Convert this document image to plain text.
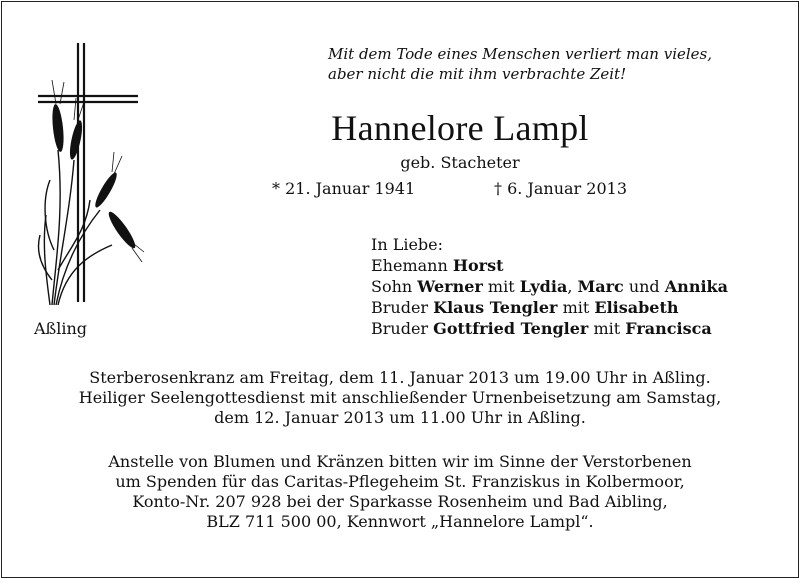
Mit dem Tode eines Menschen verliert man vieles,
aber nicht die mit ihm verbrachte Zeit!
Hannelore Lampl
geb. Stacheter
* 21. Januar 1941	† 6. Januar 2013
In Liebe:
Ehemann Horst
Sohn Werner mit Lydia, Marc und Annika
Bruder Klaus Tengler mit Elisabeth
Bruder Gottfried Tengler mit Francisca
Aßling
Sterberosenkranz am Freitag, dem 11. Januar 2013 um 19.00 Uhr in Aßling.
Heiliger Seelengottesdienst mit anschließender Urnenbeisetzung am Samstag,
dem 12. Januar 2013 um 11.00 Uhr in Aßling.
Anstelle von Blumen und Kränzen bitten wir im Sinne der Verstorbenen
um Spenden für das Caritas-Pflegeheim St. Franziskus in Kolbermoor,
Konto-Nr. 207 928 bei der Sparkasse Rosenheim und Bad Aibling,
BLZ 711 500 00, Kennwort „Hannelore Lampl“.
